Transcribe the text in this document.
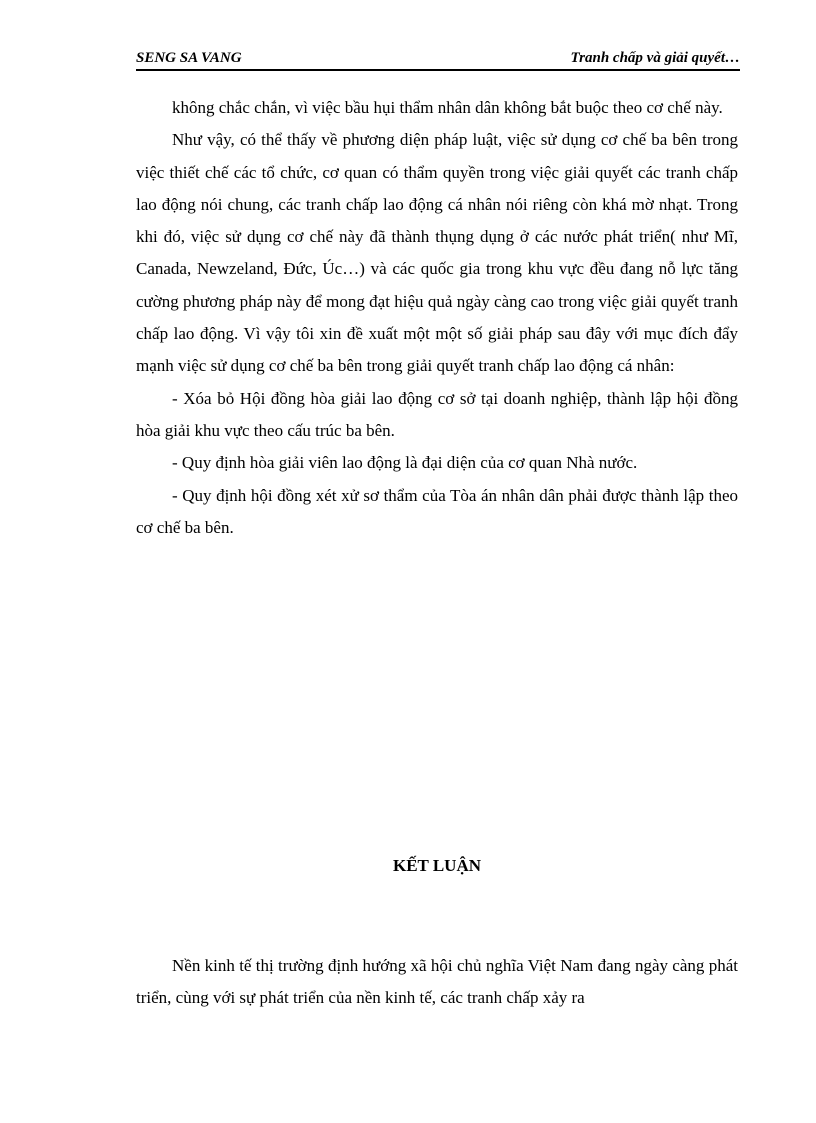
SENG SA VANG	Tranh chấp và giải quyết…

không chắc chắn, vì việc bầu hụi thẩm nhân dân không bắt buộc theo cơ chế này.

Như vậy, có thể thấy về phương diện pháp luật, việc sử dụng cơ chế ba bên trong việc thiết chế các tổ chức, cơ quan có thẩm quyền trong việc giải quyết các tranh chấp lao động nói chung, các tranh chấp lao động cá nhân nói riêng còn khá mờ nhạt. Trong khi đó, việc sử dụng cơ chế này đã thành thụng dụng ở các nước phát triển( như Mĩ, Canada, Newzeland, Đức, Úc…) và các quốc gia trong khu vực đều đang nỗ lực tăng cường phương pháp này để mong đạt hiệu quả ngày càng cao trong việc giải quyết tranh chấp lao động. Vì vậy tôi xin đề xuất một một số giải pháp sau đây với mục đích đẩy mạnh việc sử dụng cơ chế ba bên trong giải quyết tranh chấp lao động cá nhân:

- Xóa bỏ Hội đồng hòa giải lao động cơ sở tại doanh nghiệp, thành lập hội đồng hòa giải khu vực theo cấu trúc ba bên.

- Quy định hòa giải viên lao động là đại diện của cơ quan Nhà nước.

- Quy định hội đồng xét xử sơ thẩm của Tòa án nhân dân phải được thành lập theo cơ chế ba bên.

KẾT LUẬN

Nền kinh tế thị trường định hướng xã hội chủ nghĩa Việt Nam đang ngày càng phát triển, cùng với sự phát triển của nền kinh tế, các tranh chấp xảy ra
